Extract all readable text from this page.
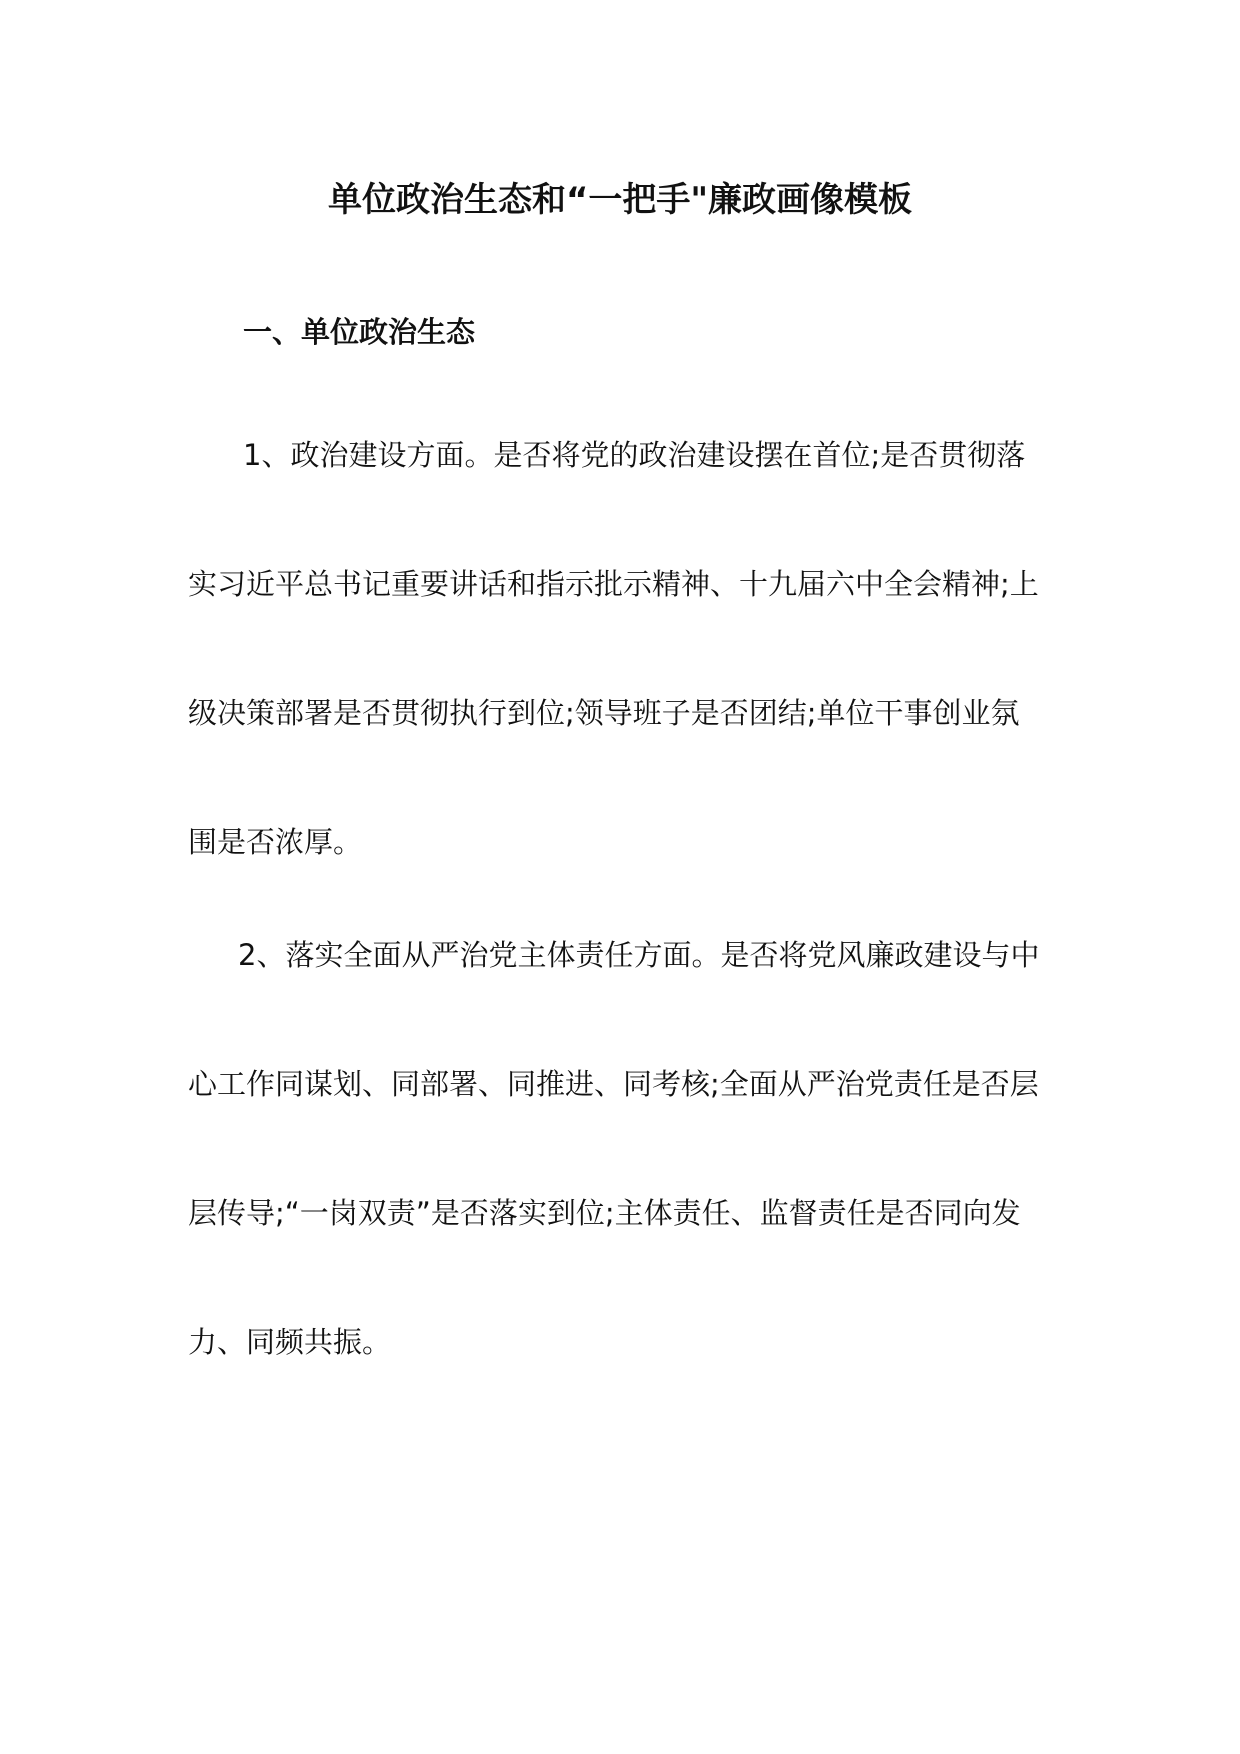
单位政治生态和“一把手"廉政画像模板
一、单位政治生态

1、政治建设方面。是否将党的政治建设摆在首位;是否贯彻落

实习近平总书记重要讲话和指示批示精神、十九届六中全会精神;上

级决策部署是否贯彻执行到位;领导班子是否团结;单位干事创业氛

围是否浓厚。

2、落实全面从严治党主体责任方面。是否将党风廉政建设与中

心工作同谋划、同部署、同推进、同考核;全面从严治党责任是否层

层传导;“一岗双责”是否落实到位;主体责任、监督责任是否同向发

力、同频共振。
